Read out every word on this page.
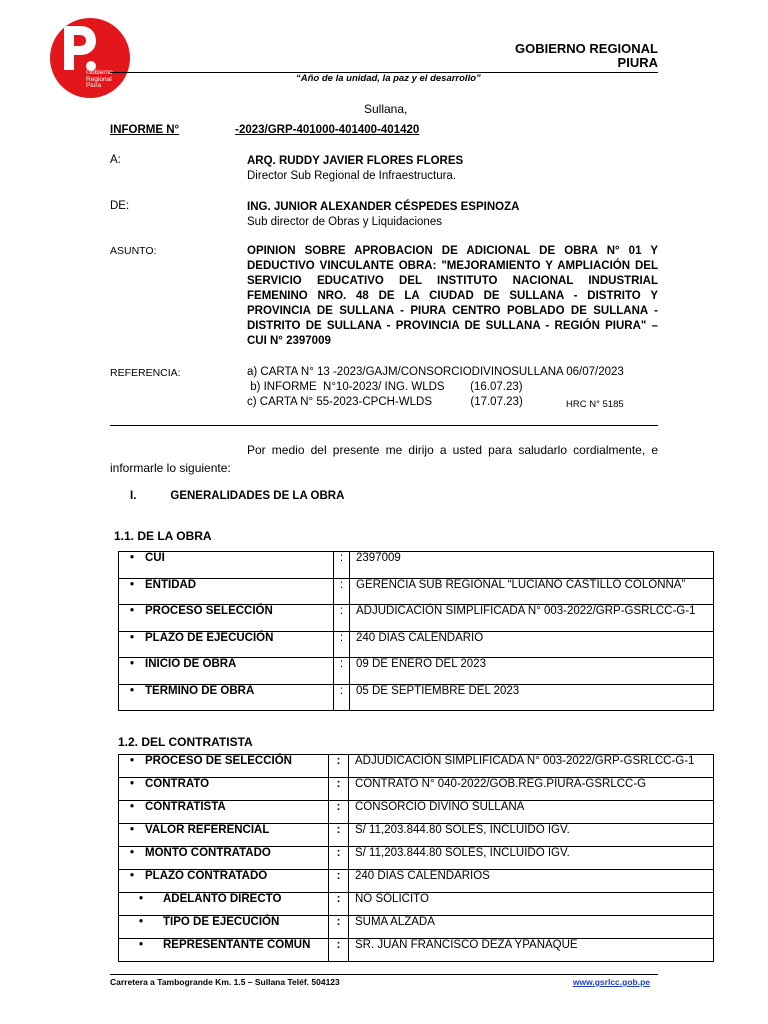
Gobierno
Regional
Piura
GOBIERNO REGIONAL
PIURA
“Año de la unidad, la paz y el desarrollo”
Sullana,
INFORME N°	-2023/GRP-401000-401400-401420
A:	ARQ. RUDDY JAVIER FLORES FLORES
Director Sub Regional de Infraestructura.
DE:	ING. JUNIOR ALEXANDER CÉSPEDES ESPINOZA
Sub director de Obras y Liquidaciones
ASUNTO:	OPINION SOBRE APROBACION DE ADICIONAL DE OBRA N° 01 Y DEDUCTIVO VINCULANTE OBRA: "MEJORAMIENTO Y AMPLIACIÓN DEL SERVICIO EDUCATIVO DEL INSTITUTO NACIONAL INDUSTRIAL FEMENINO NRO. 48 DE LA CIUDAD DE SULLANA - DISTRITO Y PROVINCIA DE SULLANA - PIURA CENTRO POBLADO DE SULLANA - DISTRITO DE SULLANA - PROVINCIA DE SULLANA - REGIÓN PIURA" – CUI N° 2397009
REFERENCIA:	a) CARTA N° 13 -2023/GAJM/CONSORCIODIVINOSULLANA 06/07/2023
b) INFORME  N°10-2023/ ING. WLDS        (16.07.23)
c) CARTA N° 55-2023-CPCH-WLDS            (17.07.23)	HRC N° 5185
Por medio del presente me dirijo a usted para saludarlo cordialmente, e informarle lo siguiente:
I.	GENERALIDADES DE LA OBRA
1.1. DE LA OBRA
• CUI	:	2397009
• ENTIDAD	:	GERENCIA SUB REGIONAL “LUCIANO CASTILLO COLONNA”
• PROCESO SELECCIÓN	:	ADJUDICACIÓN SIMPLIFICADA N° 003-2022/GRP-GSRLCC-G-1
• PLAZO DE EJECUCIÓN	:	240 DIAS CALENDARIO
• INICIO DE OBRA	:	09 DE ENERO DEL 2023
• TERMINO DE OBRA	:	05 DE SEPTIEMBRE DEL 2023
1.2. DEL CONTRATISTA
• PROCESO DE SELECCIÓN	:	ADJUDICACIÓN SIMPLIFICADA N° 003-2022/GRP-GSRLCC-G-1
• CONTRATO	:	CONTRATO N° 040-2022/GOB.REG.PIURA-GSRLCC-G
• CONTRATISTA	:	CONSORCIO DIVINO SULLANA
• VALOR REFERENCIAL	:	S/ 11,203.844.80 SOLES, INCLUIDO IGV.
• MONTO CONTRATADO	:	S/ 11,203.844.80 SOLES, INCLUIDO IGV.
• PLAZO CONTRATADO	:	240 DIAS CALENDARIOS
• ADELANTO DIRECTO	:	NO SOLICITO
• TIPO DE EJECUCIÓN	:	SUMA ALZADA
• REPRESENTANTE COMUN	:	SR. JUAN FRANCISCO DEZA YPANAQUE
Carretera a Tambogrande Km. 1.5 – Sullana Teléf. 504123	www.gsrlcc.gob.pe
